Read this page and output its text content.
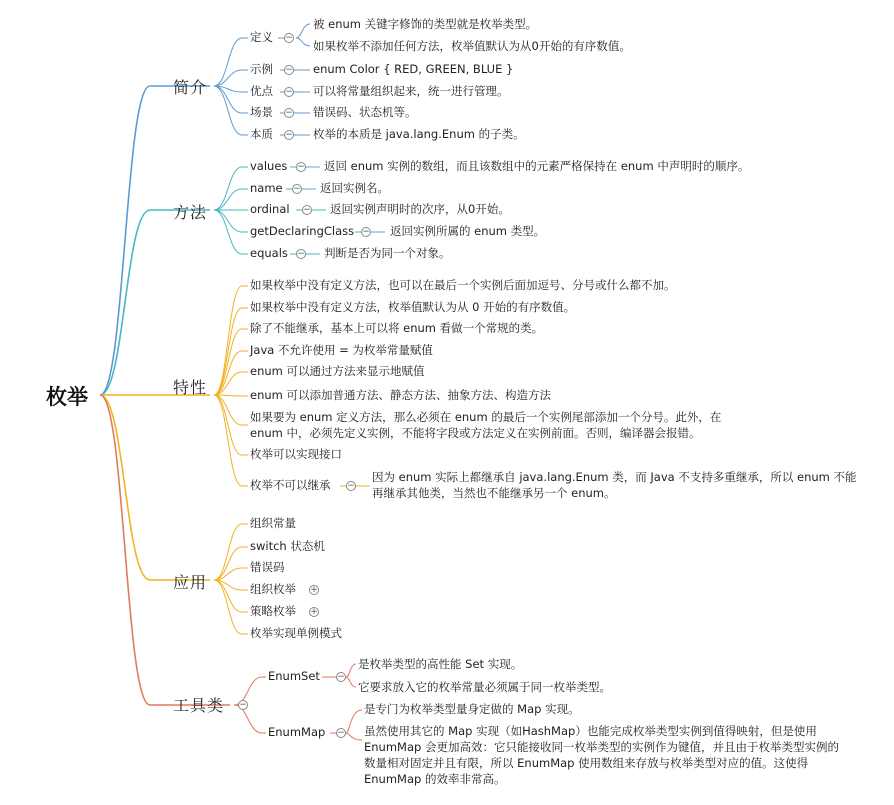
−
−
−
−
−
−
−
−
−
−
−
+
+
−
−
−
枚举
简介
方法
特性
应用
工具类
定义
被 enum 关键字修饰的类型就是枚举类型。
如果枚举不添加任何方法，枚举值默认为从0开始的有序数值。
示例	enum Color { RED, GREEN, BLUE }
优点	可以将常量组织起来，统一进行管理。
场景	错误码、状态机等。
本质	枚举的本质是 java.lang.Enum 的子类。
values	返回 enum 实例的数组，而且该数组中的元素严格保持在 enum 中声明时的顺序。
name	返回实例名。
ordinal	返回实例声明时的次序，从0开始。
getDeclaringClass	返回实例所属的 enum 类型。
equals	判断是否为同一个对象。
如果枚举中没有定义方法，也可以在最后一个实例后面加逗号、分号或什么都不加。
如果枚举中没有定义方法，枚举值默认为从 0 开始的有序数值。
除了不能继承，基本上可以将 enum 看做一个常规的类。
Java 不允许使用 = 为枚举常量赋值
enum 可以通过方法来显示地赋值
enum 可以添加普通方法、静态方法、抽象方法、构造方法
如果要为 enum 定义方法，那么必须在 enum 的最后一个实例尾部添加一个分号。此外，在
enum 中，必须先定义实例，不能将字段或方法定义在实例前面。否则，编译器会报错。
枚举可以实现接口
枚举不可以继承
因为 enum 实际上都继承自 java.lang.Enum 类，而 Java 不支持多重继承，所以 enum 不能
再继承其他类，当然也不能继承另一个 enum。
组织常量
switch 状态机
错误码
组织枚举
策略枚举
枚举实现单例模式
EnumSet
是枚举类型的高性能 Set 实现。
它要求放入它的枚举常量必须属于同一枚举类型。
EnumMap
是专门为枚举类型量身定做的 Map 实现。
虽然使用其它的 Map 实现（如HashMap）也能完成枚举类型实例到值得映射，但是使用
EnumMap 会更加高效：它只能接收同一枚举类型的实例作为键值，并且由于枚举类型实例的
数量相对固定并且有限，所以 EnumMap 使用数组来存放与枚举类型对应的值。这使得
EnumMap 的效率非常高。
